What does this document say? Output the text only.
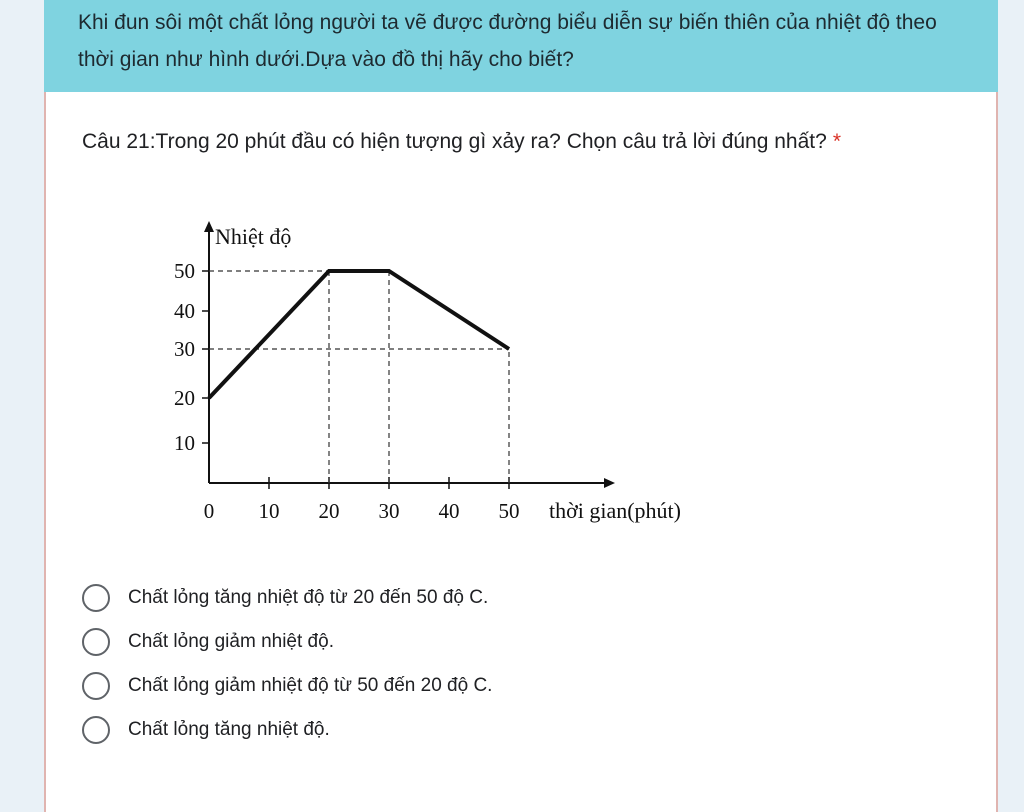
Khi đun sôi một chất lỏng người ta vẽ được đường biểu diễn sự biến thiên của nhiệt độ theo thời gian như hình dưới.Dựa vào đồ thị hãy cho biết?
Câu 21:Trong 20 phút đầu có hiện tượng gì xảy ra? Chọn câu trả lời đúng nhất? *
Nhiệt độ
thời gian(phút)
10
20
30
40
50
0 10 20 30 40 50
Chất lỏng tăng nhiệt độ từ 20 đến 50 độ C.
Chất lỏng giảm nhiệt độ.
Chất lỏng giảm nhiệt độ từ 50 đến 20 độ C.
Chất lỏng tăng nhiệt độ.
